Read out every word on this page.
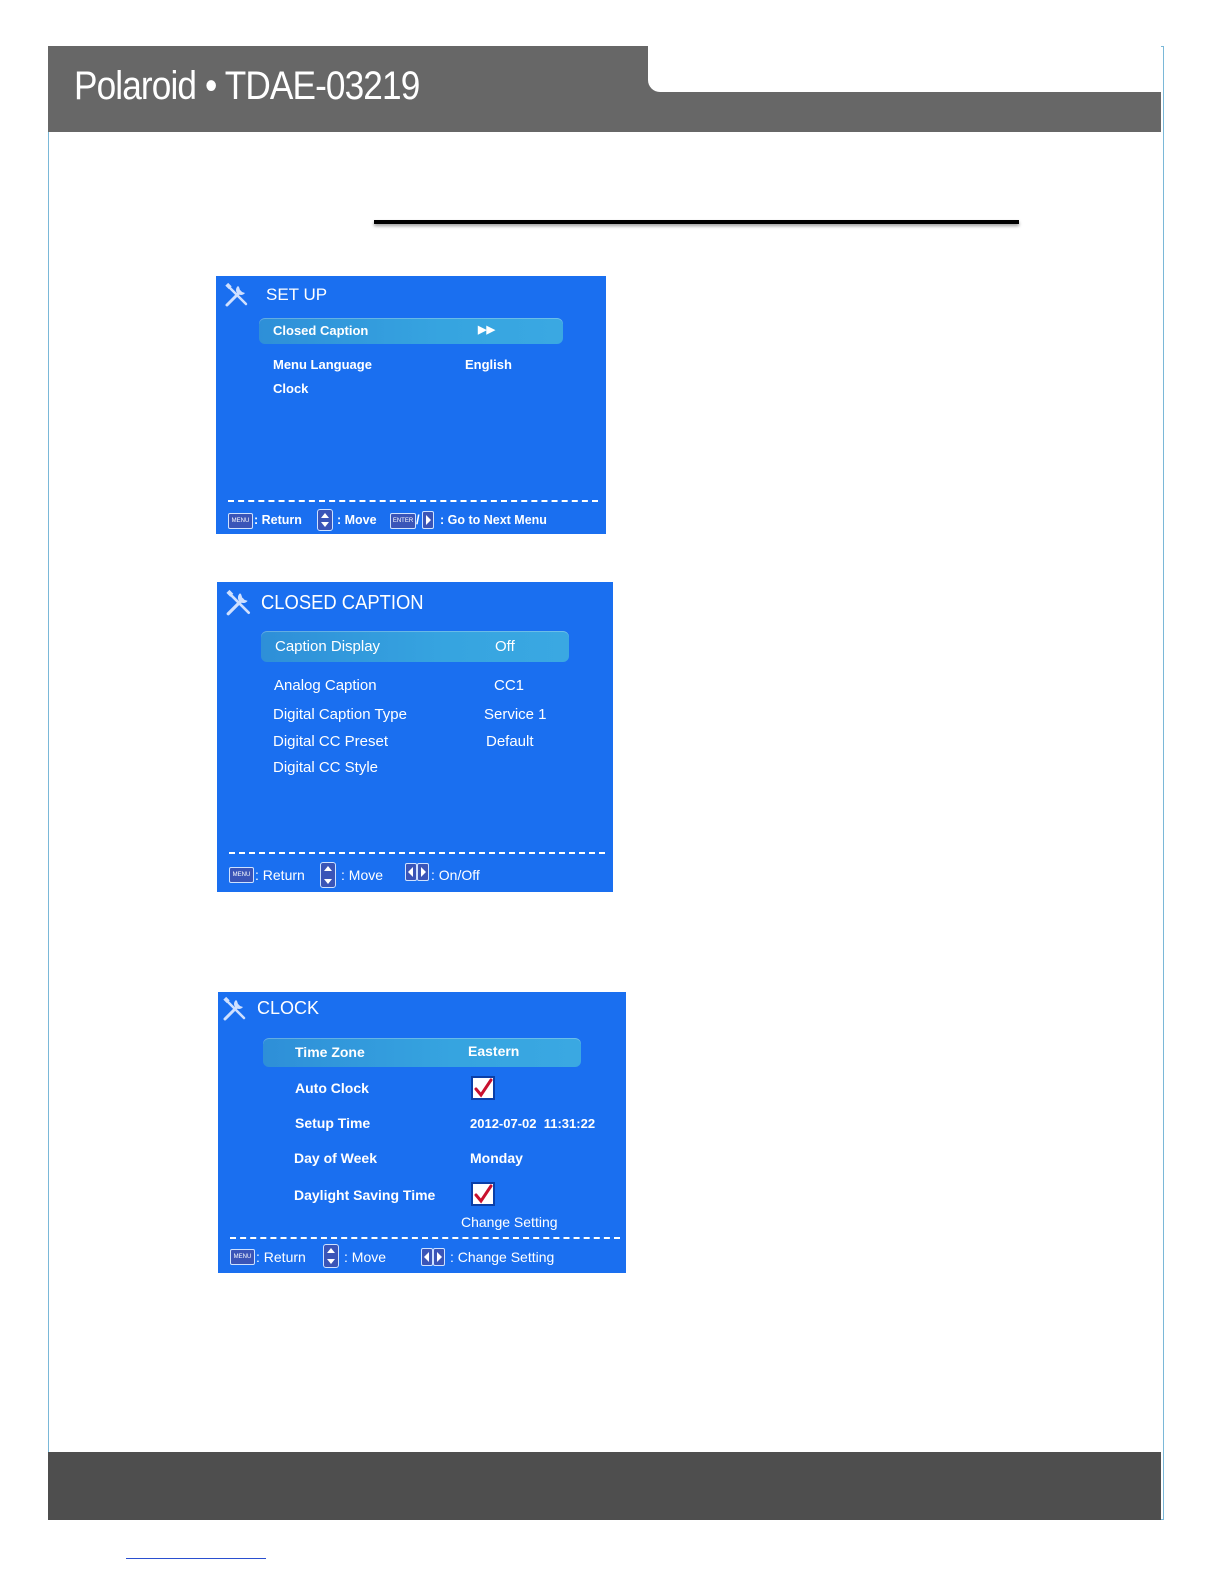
Polaroid • TDAE-03219
SET UP
Closed Caption	▶▶
Menu Language	English
Clock
MENU : Return	: Move	ENTER / : Go to Next Menu
CLOSED CAPTION
Caption Display	Off
Analog Caption	CC1
Digital Caption Type	Service 1
Digital CC Preset	Default
Digital CC Style
MENU : Return	: Move	: On/Off
CLOCK
Time Zone	Eastern
Auto Clock
Setup Time	2012-07-02  11:31:22
Day of Week	Monday
Daylight Saving Time
Change Setting
MENU : Return	: Move	: Change Setting
